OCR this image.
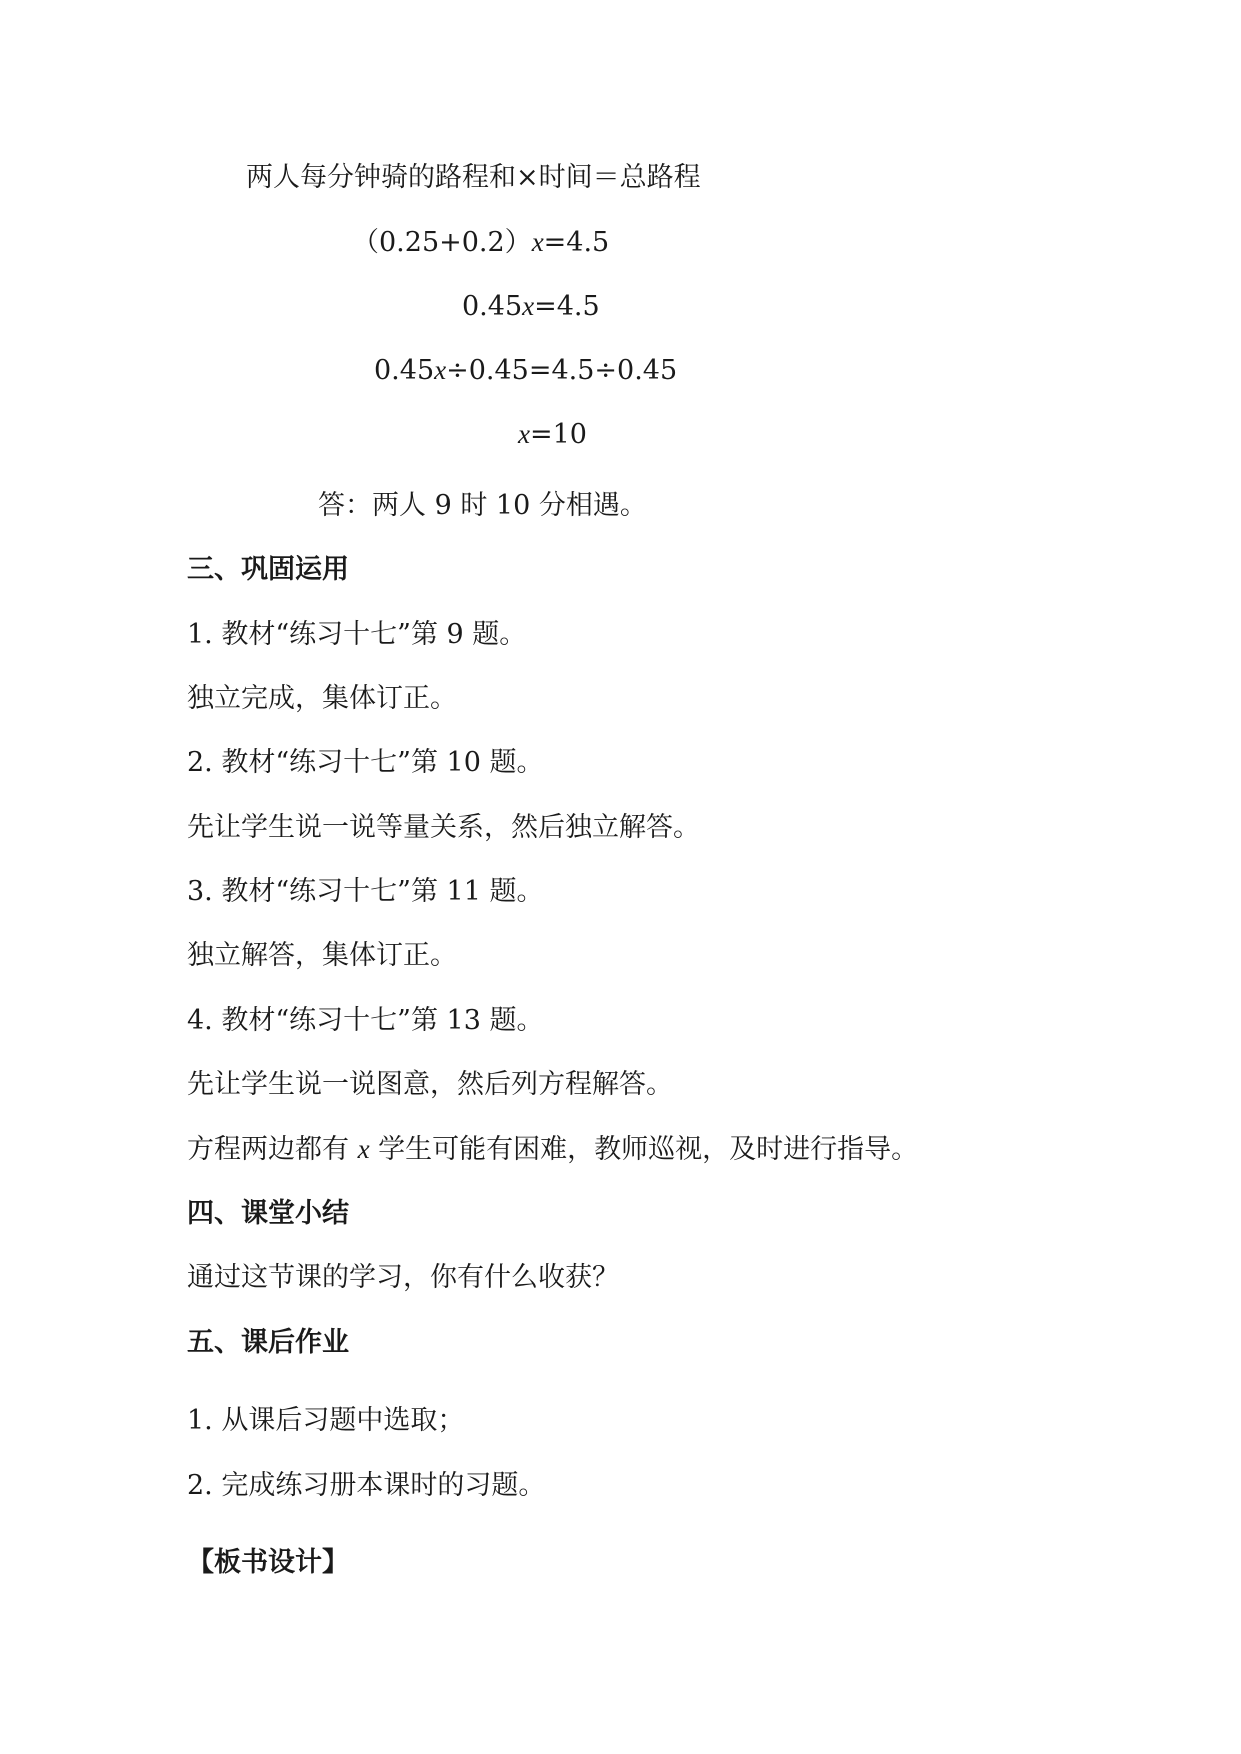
两人每分钟骑的路程和×时间＝总路程
（0.25+0.2）x=4.5
0.45x=4.5
0.45x÷0.45=4.5÷0.45
x=10
答：两人 9 时 10 分相遇。
三、巩固运用
1. 教材“练习十七”第 9 题。
独立完成，集体订正。
2. 教材“练习十七”第 10 题。
先让学生说一说等量关系，然后独立解答。
3. 教材“练习十七”第 11 题。
独立解答，集体订正。
4. 教材“练习十七”第 13 题。
先让学生说一说图意，然后列方程解答。
方程两边都有 x 学生可能有困难，教师巡视，及时进行指导。
四、课堂小结
通过这节课的学习，你有什么收获？
五、课后作业
1. 从课后习题中选取；
2. 完成练习册本课时的习题。
【板书设计】
